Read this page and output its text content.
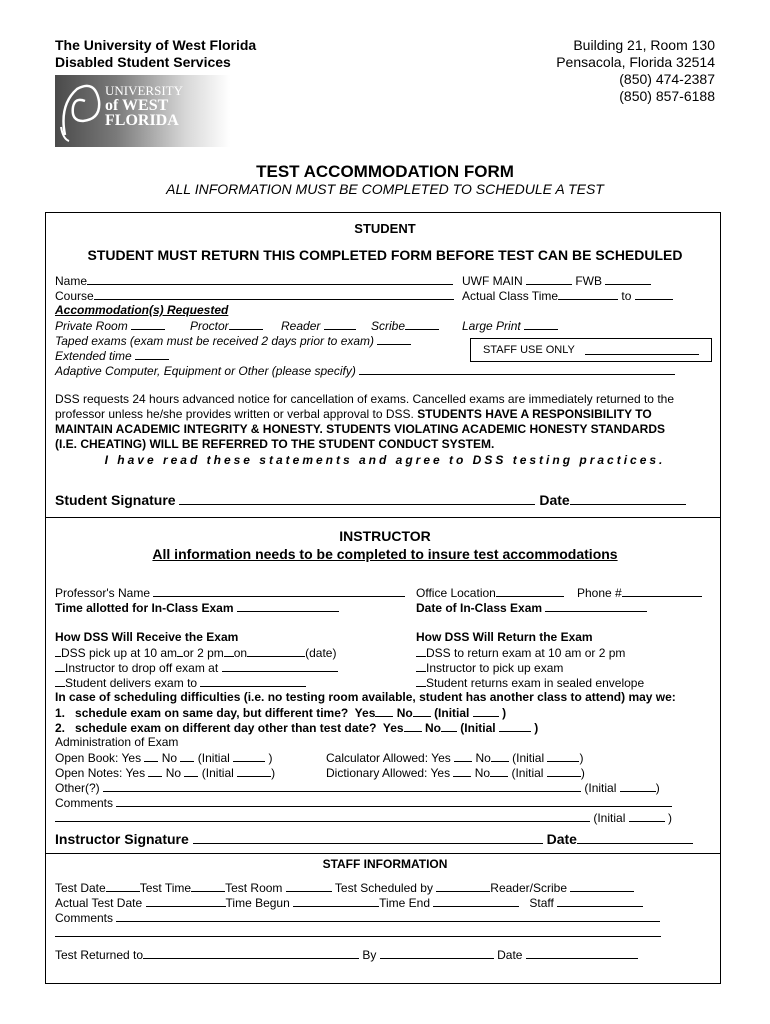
The University of West Florida
Disabled Student Services
Building 21, Room 130
Pensacola, Florida 32514
(850) 474-2387
(850) 857-6188
UNIVERSITY
of WEST
FLORIDA
TEST ACCOMMODATION FORM
ALL INFORMATION MUST BE COMPLETED TO SCHEDULE A TEST
STUDENT
STUDENT MUST RETURN THIS COMPLETED FORM BEFORE TEST CAN BE SCHEDULED
Name	UWF MAIN	FWB
Course	Actual Class Time	to
Accommodation(s) Requested
Private Room	Proctor	Reader	Scribe	Large Print
Taped exams (exam must be received 2 days prior to exam)
Extended time
Adaptive Computer, Equipment or Other (please specify)
STAFF USE ONLY
DSS requests 24 hours advanced notice for cancellation of exams. Cancelled exams are immediately returned to the
professor unless he/she provides written or verbal approval to DSS. STUDENTS HAVE A RESPONSIBILITY TO
MAINTAIN ACADEMIC INTEGRITY & HONESTY. STUDENTS VIOLATING ACADEMIC HONESTY STANDARDS
(I.E. CHEATING) WILL BE REFERRED TO THE STUDENT CONDUCT SYSTEM.
I have read these statements and agree to DSS testing practices.
Student Signature	Date
INSTRUCTOR
All information needs to be completed to insure test accommodations
Professor's Name	Office Location	Phone #
Time allotted for In-Class Exam	Date of In-Class Exam
How DSS Will Receive the Exam	How DSS Will Return the Exam
DSS pick up at 10 am or 2 pm on	(date)
Instructor to drop off exam at
Student delivers exam to
DSS to return exam at 10 am or 2 pm
Instructor to pick up exam
Student returns exam in sealed envelope
In case of scheduling difficulties (i.e. no testing room available, student has another class to attend) may we:
1. schedule exam on same day, but different time? Yes No (Initial  )
2. schedule exam on different day other than test date? Yes No (Initial	)
Administration of Exam
Open Book: Yes No (Initial	)
Open Notes: Yes No (Initial	)
Calculator Allowed: Yes No (Initial	)
Dictionary Allowed: Yes No (Initial	)
Other(?)	(Initial	)
Comments
(Initial	)
Instructor Signature	Date
STAFF INFORMATION
Test Date	Test Time	Test Room	Test Scheduled by	Reader/Scribe
Actual Test Date	Time Begun	Time End	Staff
Comments
Test Returned to	By	Date
